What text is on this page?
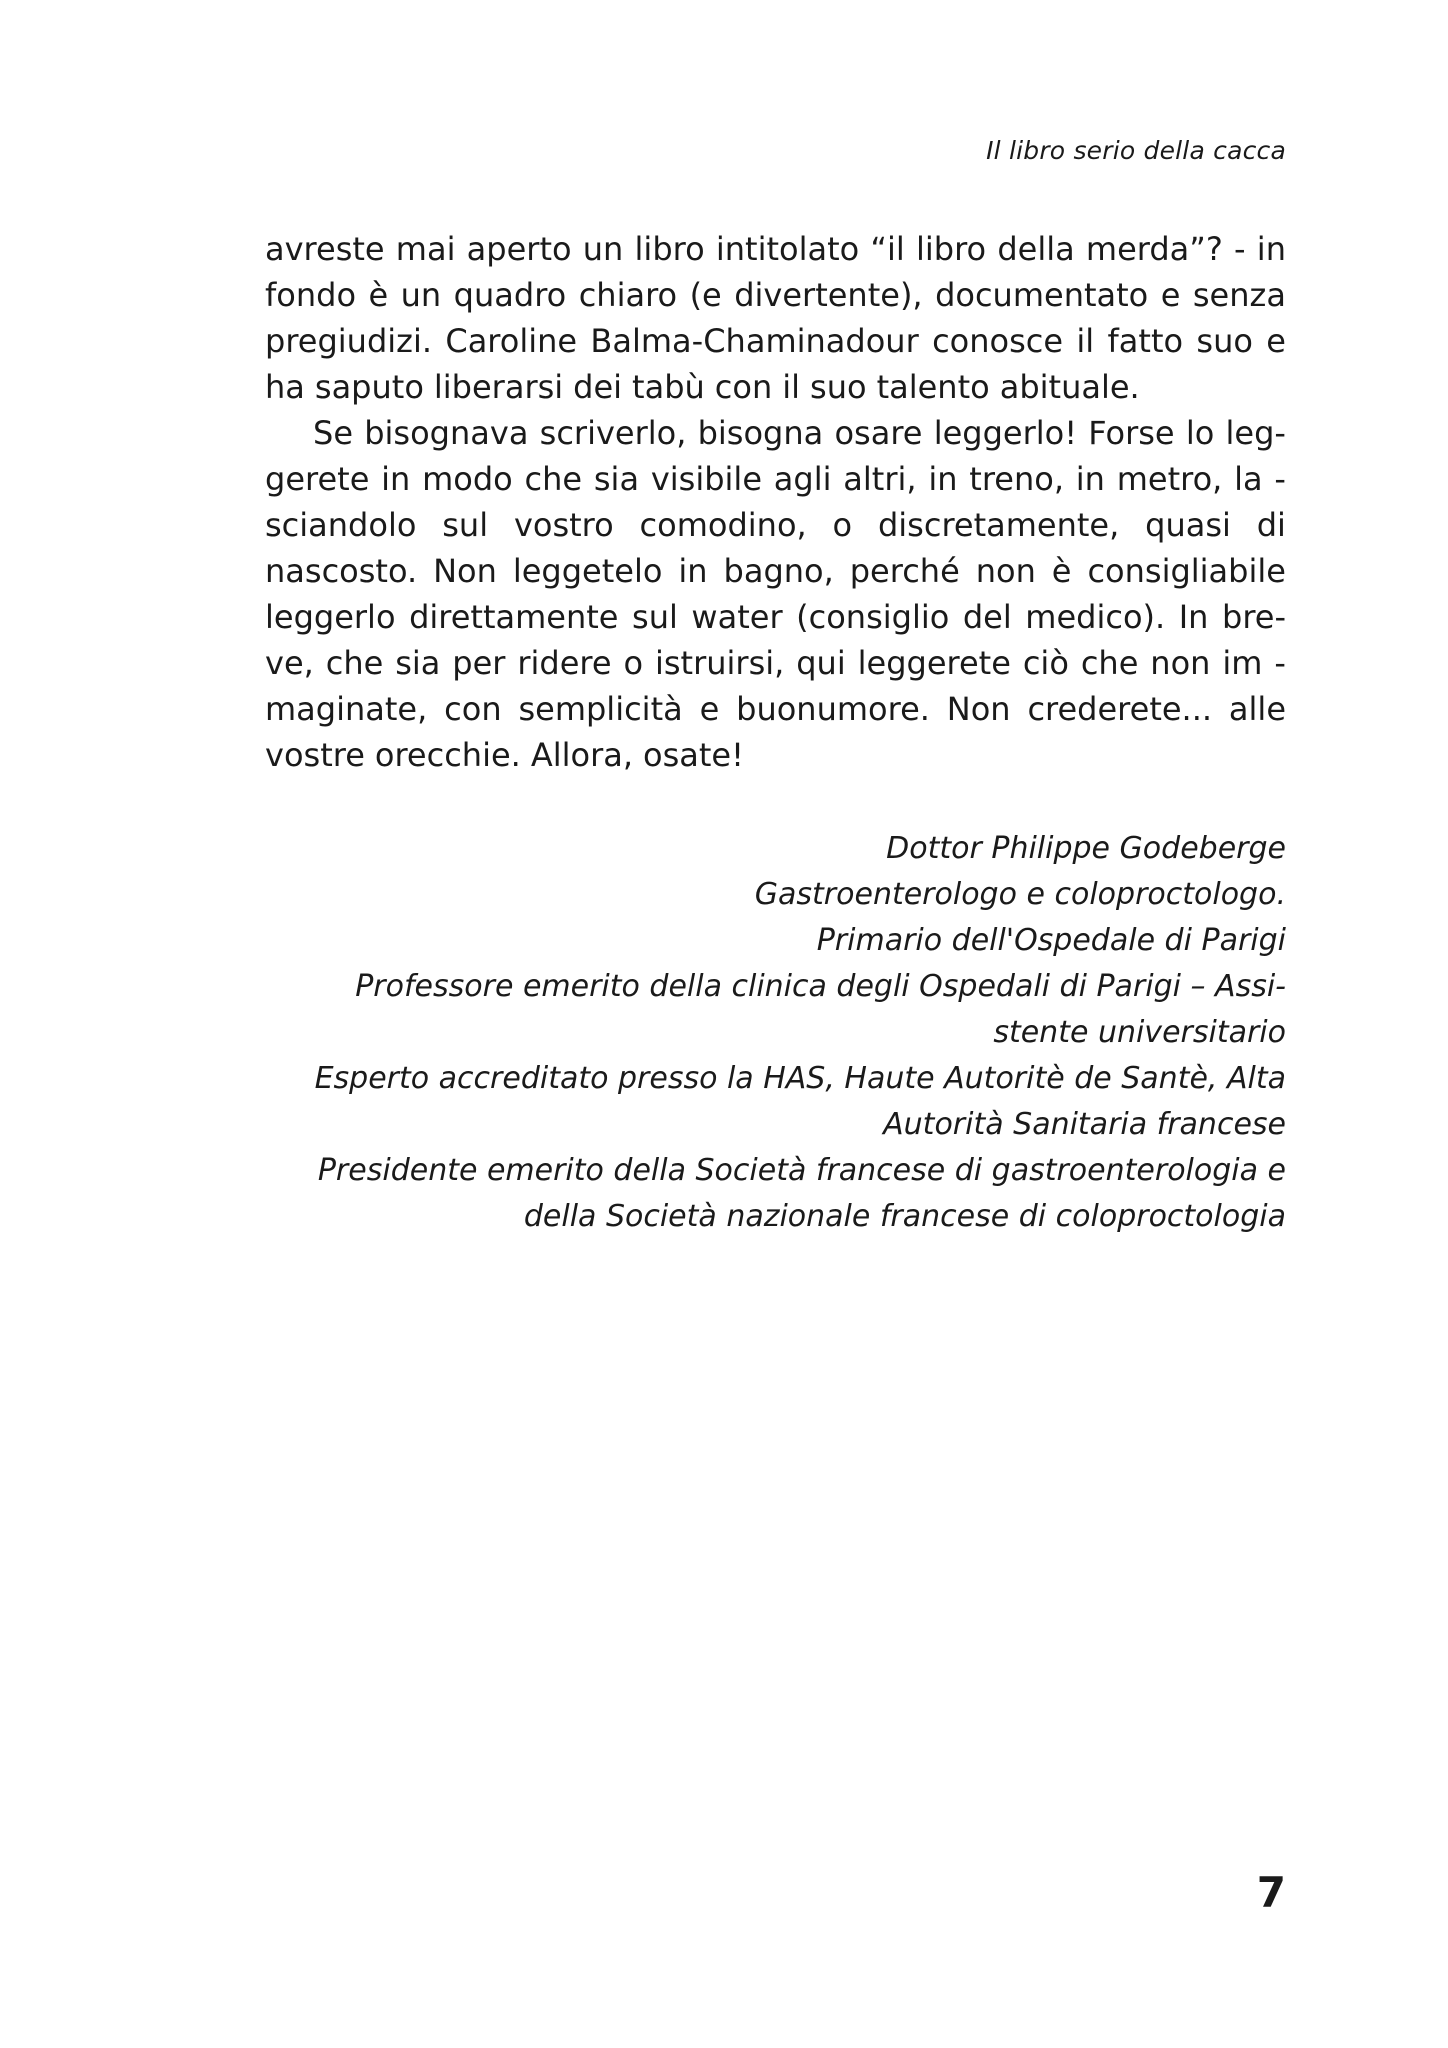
Il libro serio della cacca
avreste mai aperto un libro intitolato “il libro della merda”? - in
fondo è un quadro chiaro (e divertente), documentato e senza
pregiudizi. Caroline Balma-Chaminadour conosce il fatto suo e
ha saputo liberarsi dei tabù con il suo talento abituale.
Se bisognava scriverlo, bisogna osare leggerlo! Forse lo leg-
gerete in modo che sia visibile agli altri, in treno, in metro, la -
sciandolo sul vostro comodino, o discretamente, quasi di
nascosto. Non leggetelo in bagno, perché non è consigliabile
leggerlo direttamente sul water (consiglio del medico). In bre-
ve, che sia per ridere o istruirsi, qui leggerete ciò che non im -
maginate, con semplicità e buonumore. Non crederete... alle
vostre orecchie. Allora, osate!
Dottor Philippe Godeberge
Gastroenterologo e coloproctologo.
Primario dell'Ospedale di Parigi
Professore emerito della clinica degli Ospedali di Parigi – Assi-
stente universitario
Esperto accreditato presso la HAS, Haute Autoritè de Santè, Alta
Autorità Sanitaria francese
Presidente emerito della Società francese di gastroenterologia e
della Società nazionale francese di coloproctologia
7
